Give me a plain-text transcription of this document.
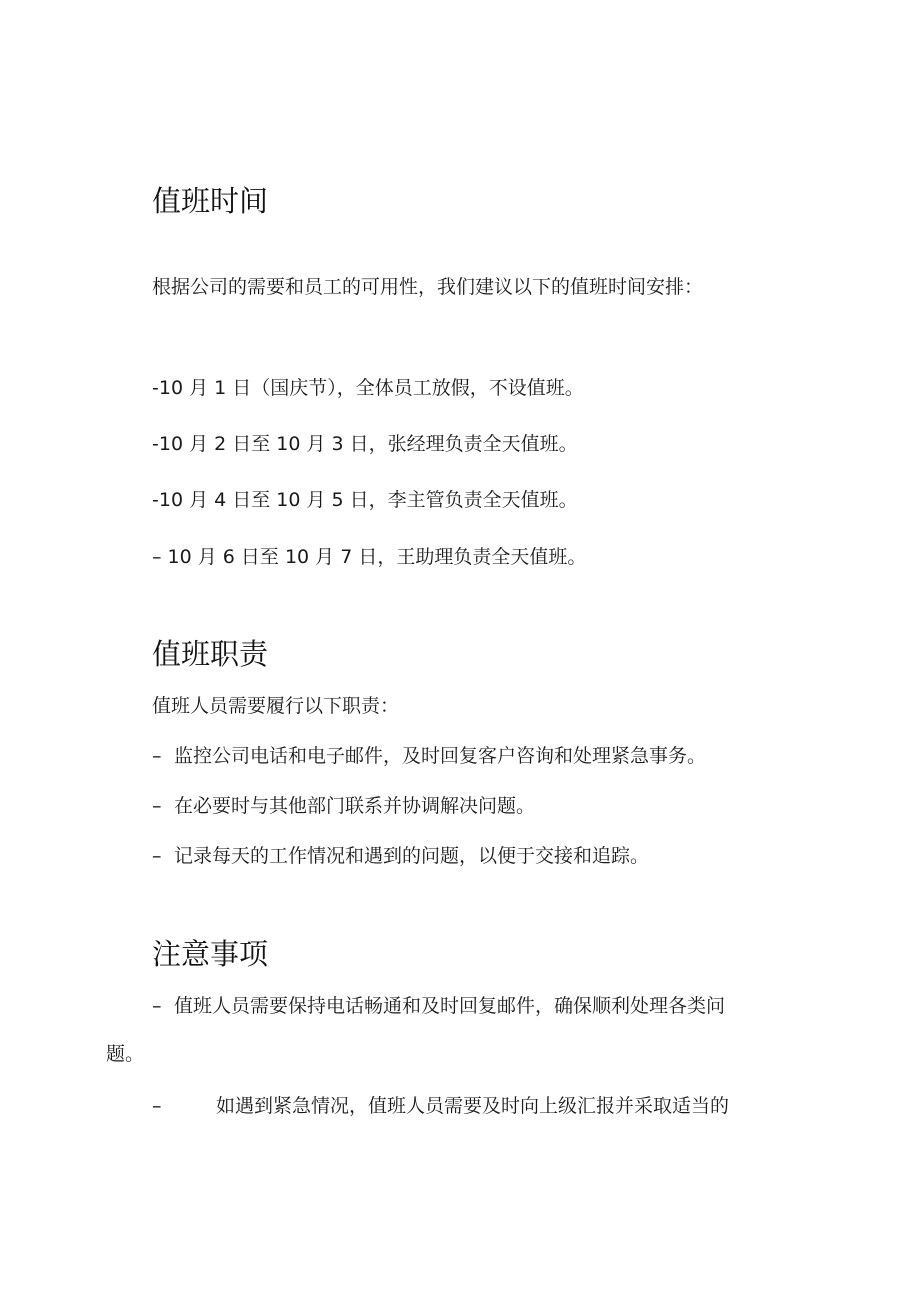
值班时间
根据公司的需要和员工的可用性，我们建议以下的值班时间安排：
-10 月 1 日（国庆节），全体员工放假，不设值班。
-10 月 2 日至 10 月 3 日，张经理负责全天值班。
-10 月 4 日至 10 月 5 日，李主管负责全天值班。
– 10 月 6 日至 10 月 7 日，王助理负责全天值班。
值班职责
值班人员需要履行以下职责：
– 监控公司电话和电子邮件，及时回复客户咨询和处理紧急事务。
– 在必要时与其他部门联系并协调解决问题。
– 记录每天的工作情况和遇到的问题，以便于交接和追踪。
注意事项
– 值班人员需要保持电话畅通和及时回复邮件，确保顺利处理各类问
题。
–	如遇到紧急情况，值班人员需要及时向上级汇报并采取适当的
